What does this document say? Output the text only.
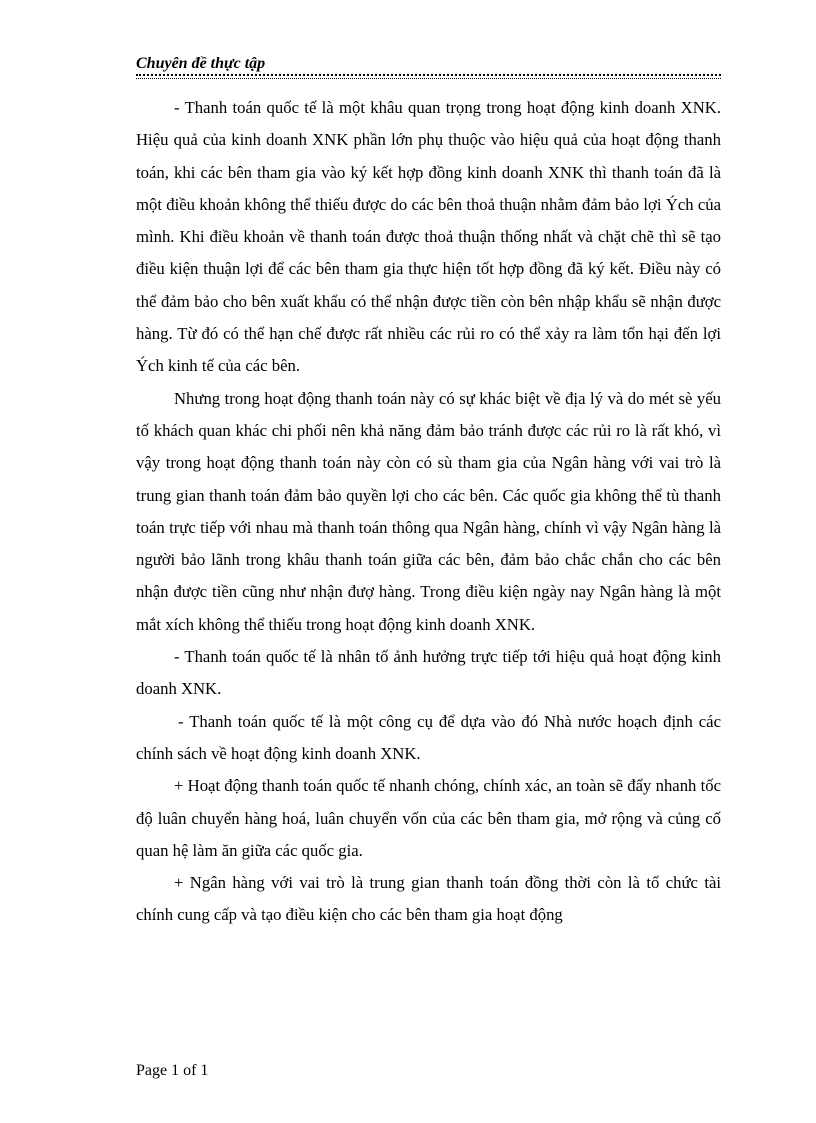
Chuyên đề thực tập

- Thanh toán quốc tế là một khâu quan trọng trong hoạt động kinh doanh XNK. Hiệu quả của kinh doanh XNK phần lớn phụ thuộc vào hiệu quả của hoạt động thanh toán, khi các bên tham gia vào ký kết hợp đồng kinh doanh XNK thì thanh toán đã là một điều khoản không thể thiếu được do các bên thoả thuận nhằm đảm bảo lợi Ých của mình. Khi điều khoản về thanh toán được thoả thuận thống nhất và chặt chẽ thì sẽ tạo điều kiện thuận lợi để các bên tham gia thực hiện tốt hợp đồng đã ký kết. Điều này có thể đảm bảo cho bên xuất khẩu có thể nhận được tiền còn bên nhập khẩu sẽ nhận được hàng. Từ đó có thể hạn chế được rất nhiều các rủi ro có thể xảy ra làm tổn hại đến lợi Ých kinh tế của các bên.

Nhưng trong hoạt động thanh toán này có sự khác biệt về địa lý và do mét sè yếu tố khách quan khác chi phối nên khả năng đảm bảo tránh được các rủi ro là rất khó, vì vậy trong hoạt động thanh toán này còn có sù tham gia của Ngân hàng với vai trò là trung gian thanh toán đảm bảo quyền lợi cho các bên. Các quốc gia không thể tù thanh toán trực tiếp với nhau mà thanh toán thông qua Ngân hàng, chính vì vậy Ngân hàng là người bảo lãnh trong khâu thanh toán giữa các bên, đảm bảo chắc chắn cho các bên nhận được tiền cũng như nhận đượ hàng. Trong điều kiện ngày nay Ngân hàng là một mắt xích không thể thiếu trong hoạt động kinh doanh XNK.

- Thanh toán quốc tế là nhân tố ảnh hưởng trực tiếp tới hiệu quả hoạt động kinh doanh XNK.

- Thanh toán quốc tế là một công cụ để dựa vào đó Nhà nước hoạch định các chính sách về hoạt động kinh doanh XNK.

+ Hoạt động thanh toán quốc tế nhanh chóng, chính xác, an toàn sẽ đẩy nhanh tốc độ luân chuyển hàng hoá, luân chuyển vốn của các bên tham gia, mở rộng và củng cố quan hệ làm ăn giữa các quốc gia.

+ Ngân hàng với vai trò là trung gian thanh toán đồng thời còn là tổ chức tài chính cung cấp và tạo điều kiện cho các bên tham gia hoạt động

Page 1 of 1
